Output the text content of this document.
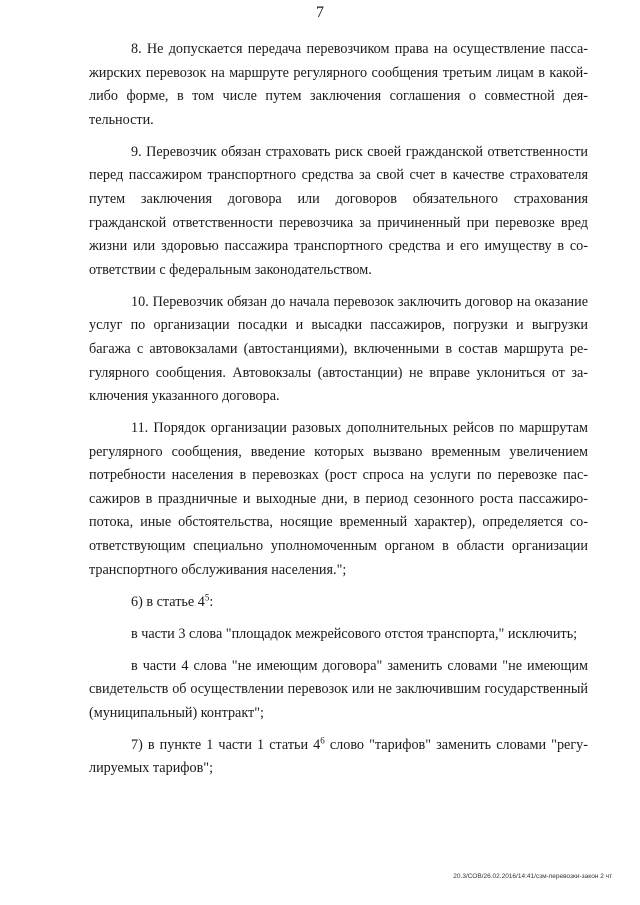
7

8. Не допускается передача перевозчиком права на осуществление пассажирских перевозок на маршруте регулярного сообщения третьим лицам в какой-либо форме, в том числе путем заключения соглашения о совместной деятельности.

9. Перевозчик обязан страховать риск своей гражданской ответственности перед пассажиром транспортного средства за свой счет в качестве страхователя путем заключения договора или договоров обязательного страхования гражданской ответственности перевозчика за причиненный при перевозке вред жизни или здоровью пассажира транспортного средства и его имуществу в соответствии с федеральным законодательством.

10. Перевозчик обязан до начала перевозок заключить договор на оказание услуг по организации посадки и высадки пассажиров, погрузки и выгрузки багажа с автовокзалами (автостанциями), включенными в состав маршрута регулярного сообщения. Автовокзалы (автостанции) не вправе уклониться от заключения указанного договора.

11. Порядок организации разовых дополнительных рейсов по маршрутам регулярного сообщения, введение которых вызвано временным увеличением потребности населения в перевозках (рост спроса на услуги по перевозке пассажиров в праздничные и выходные дни, в период сезонного роста пассажиропотока, иные обстоятельства, носящие временный характер), определяется соответствующим специально уполномоченным органом в области организации транспортного обслуживания населения.";

6) в статье $4^5$:

в части 3 слова "площадок межрейсового отстоя транспорта," исключить;

в части 4 слова "не имеющим договора" заменить словами "не имеющим свидетельств об осуществлении перевозок или не заключившим государственный (муниципальный) контракт";

7) в пункте 1 части 1 статьи $4^6$ слово "тарифов" заменить словами "регулируемых тарифов";

20.3/СОВ/26.02.2016/14:41/сзм-перевозки-закон 2 чт
